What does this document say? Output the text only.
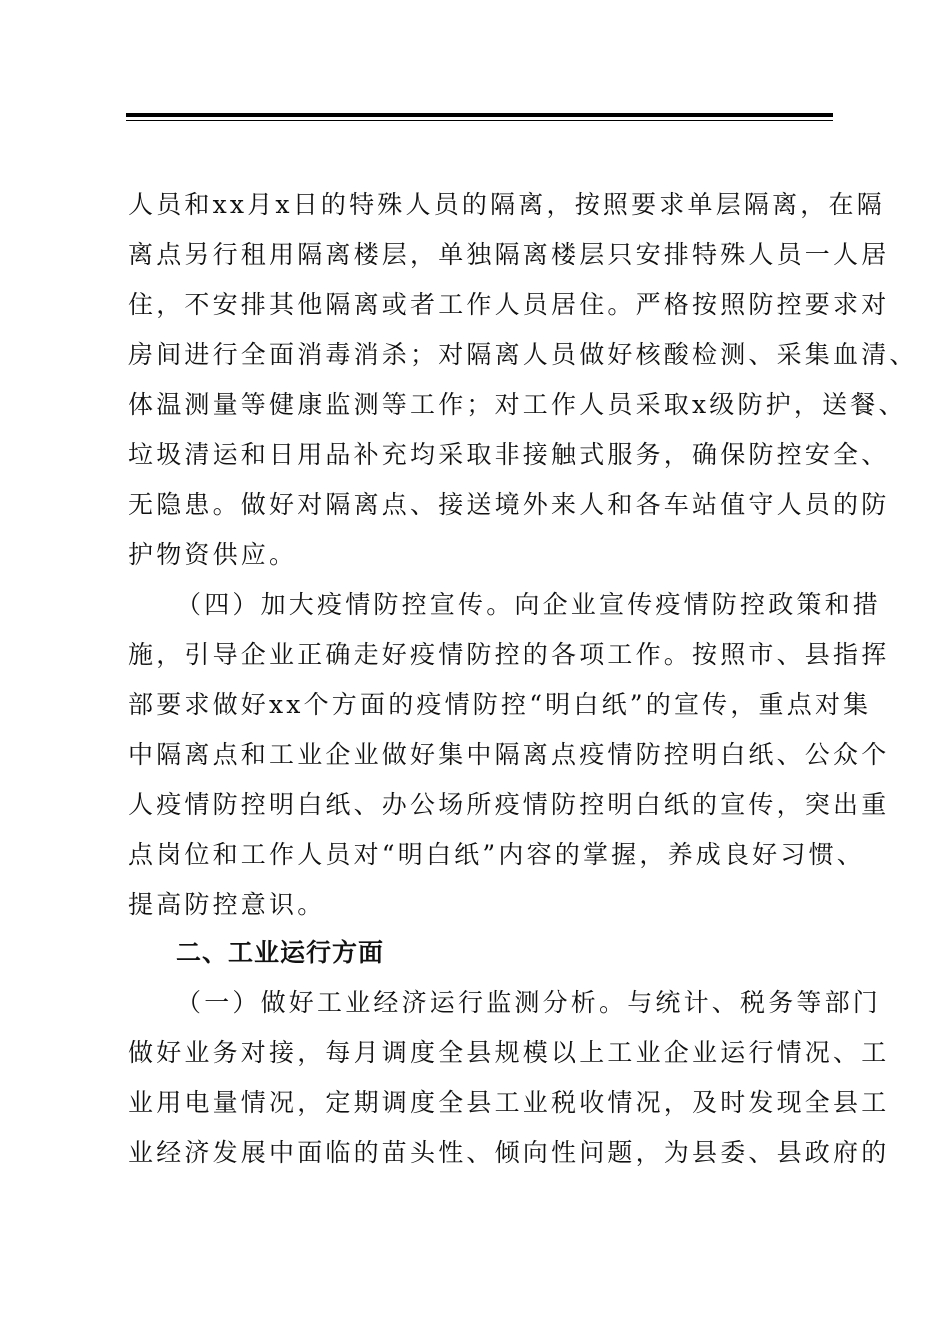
人员和xx月x日的特殊人员的隔离，按照要求单层隔离，在隔
离点另行租用隔离楼层，单独隔离楼层只安排特殊人员一人居
住，不安排其他隔离或者工作人员居住。严格按照防控要求对
房间进行全面消毒消杀；对隔离人员做好核酸检测、采集血清、
体温测量等健康监测等工作；对工作人员采取x级防护，送餐、
垃圾清运和日用品补充均采取非接触式服务，确保防控安全、
无隐患。做好对隔离点、接送境外来人和各车站值守人员的防
护物资供应。
（四）加大疫情防控宣传。向企业宣传疫情防控政策和措
施，引导企业正确走好疫情防控的各项工作。按照市、县指挥
部要求做好xx个方面的疫情防控“明白纸”的宣传，重点对集
中隔离点和工业企业做好集中隔离点疫情防控明白纸、公众个
人疫情防控明白纸、办公场所疫情防控明白纸的宣传，突出重
点岗位和工作人员对“明白纸”内容的掌握，养成良好习惯、
提高防控意识。
二、工业运行方面
（一）做好工业经济运行监测分析。与统计、税务等部门
做好业务对接，每月调度全县规模以上工业企业运行情况、工
业用电量情况，定期调度全县工业税收情况，及时发现全县工
业经济发展中面临的苗头性、倾向性问题，为县委、县政府的
